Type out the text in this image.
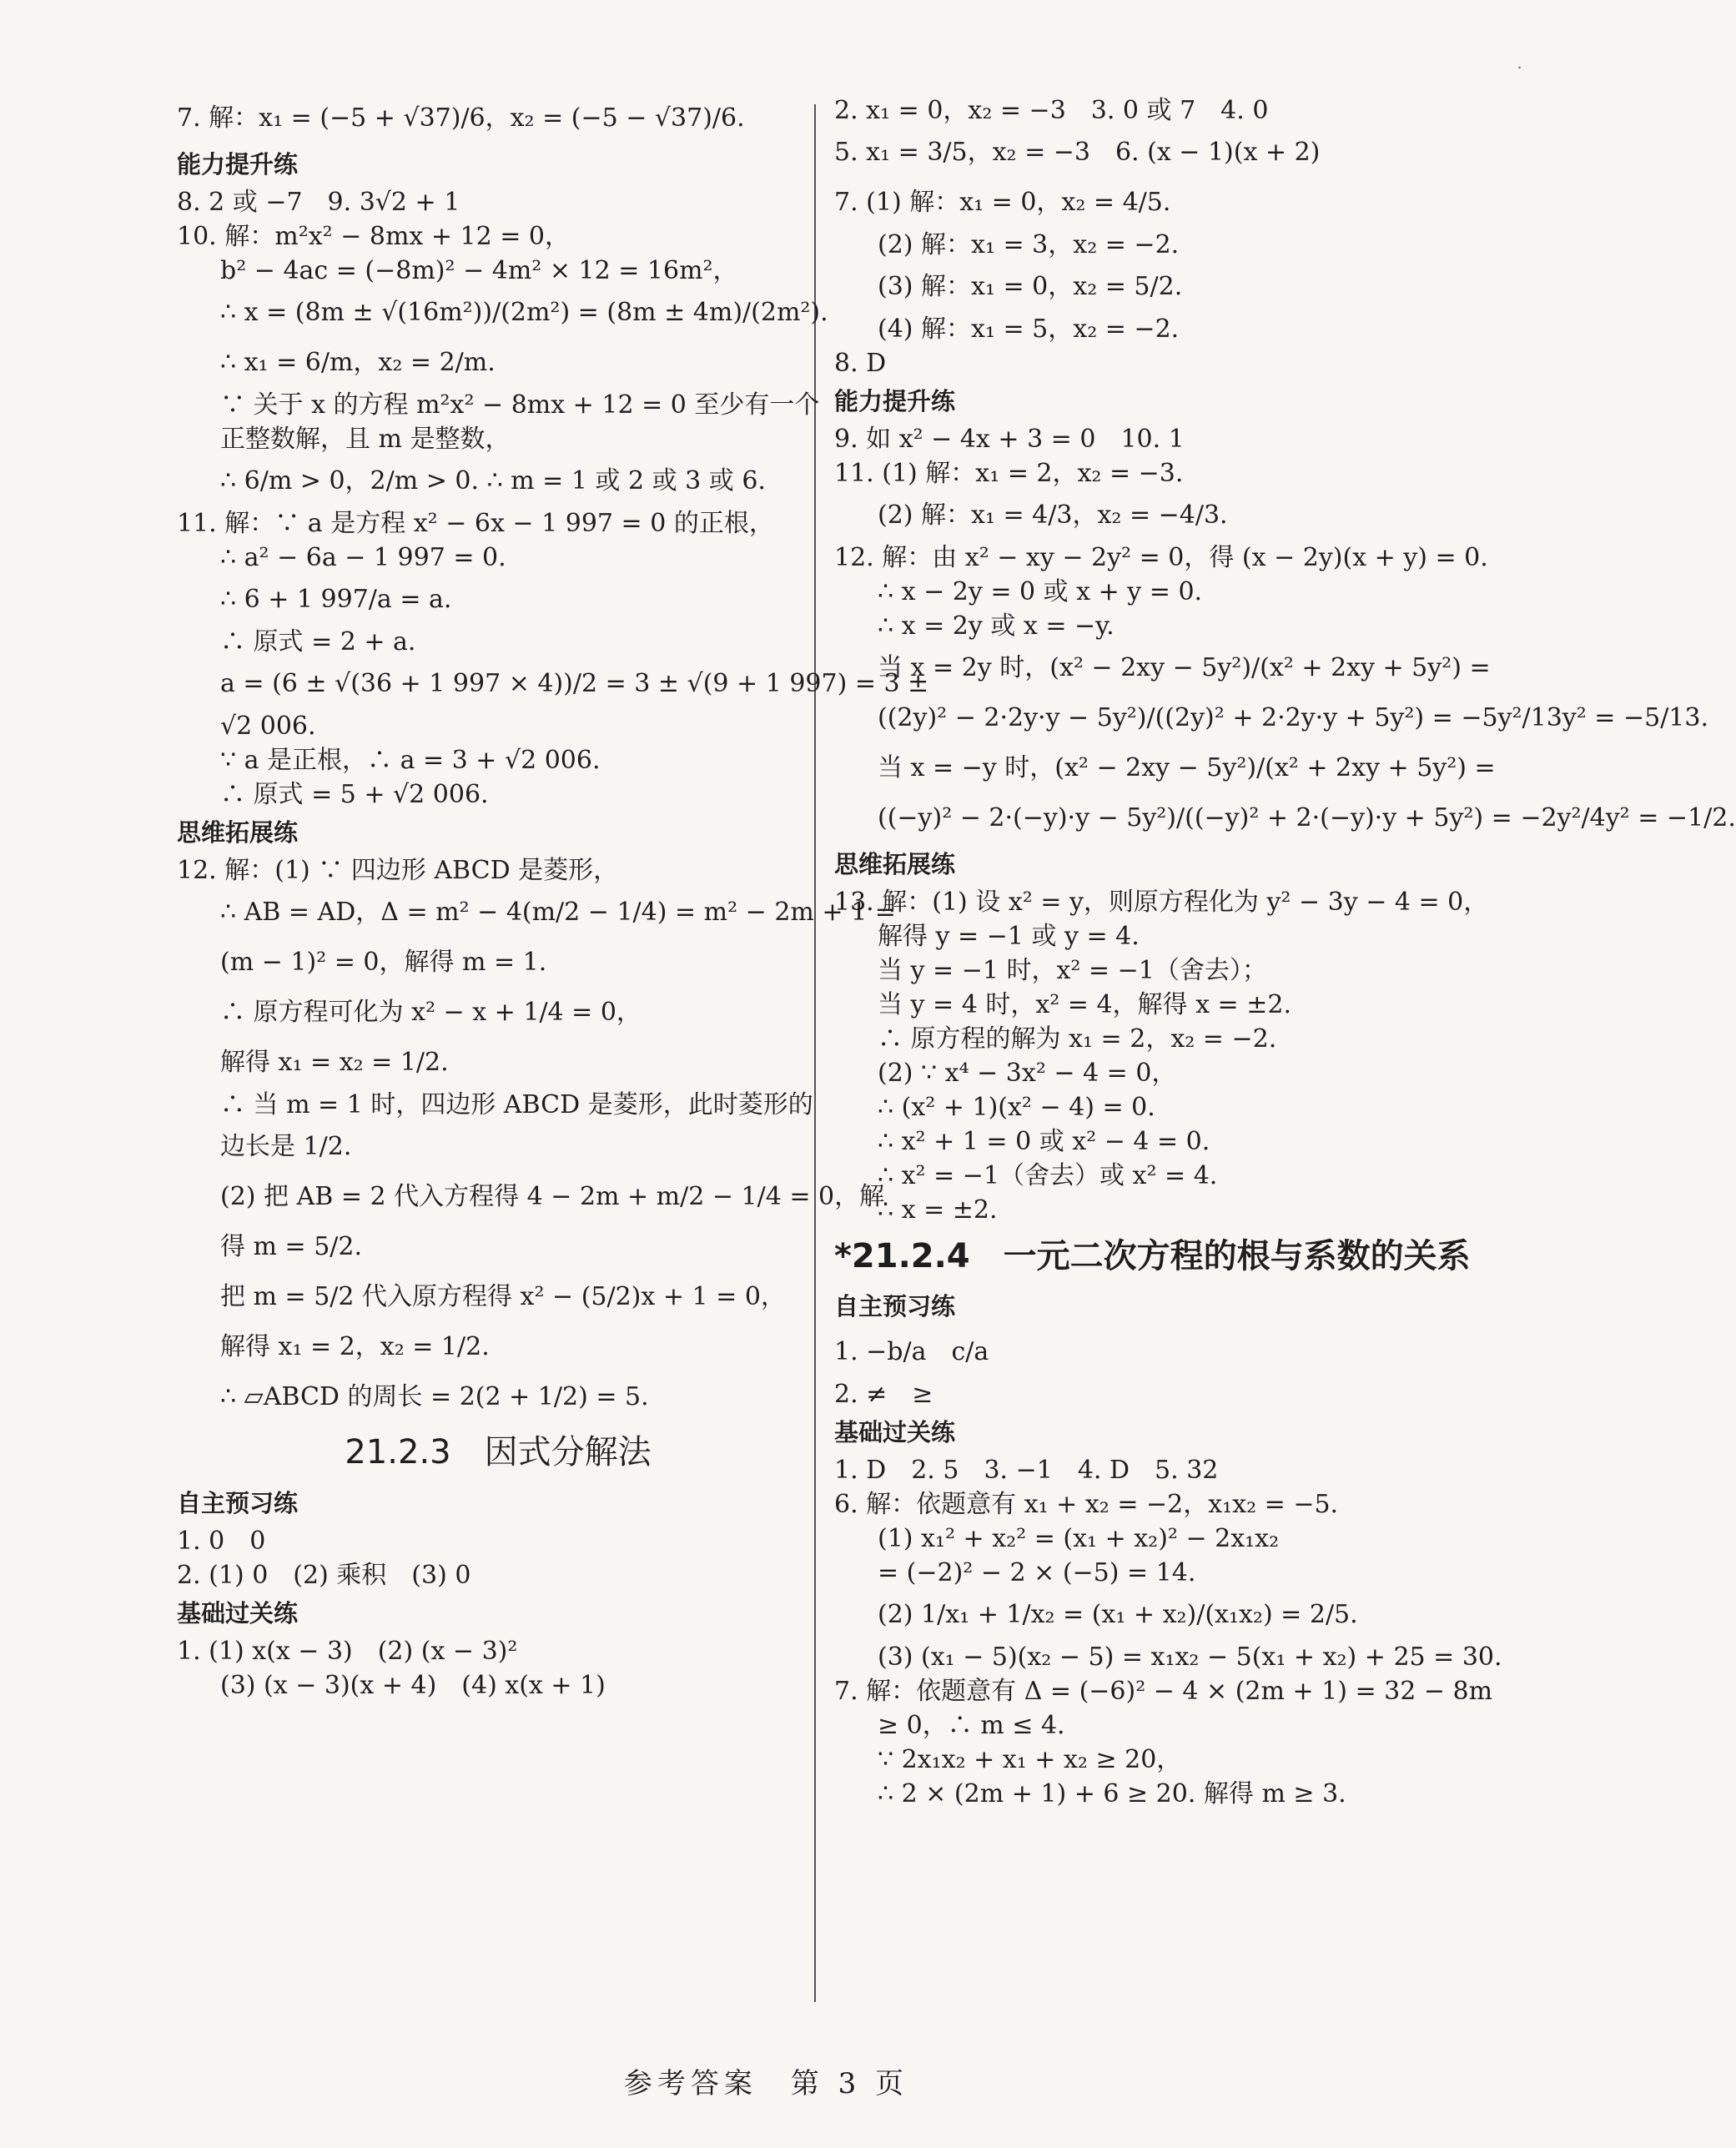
·
7. 解：x₁ = (−5 + √37)/6，x₂ = (−5 − √37)/6.
能力提升练
8. 2 或 −7　9. 3√2 + 1
10. 解：m²x² − 8mx + 12 = 0，
b² − 4ac = (−8m)² − 4m² × 12 = 16m²，
∴ x = (8m ± √(16m²))/(2m²) = (8m ± 4m)/(2m²).
∴ x₁ = 6/m，x₂ = 2/m.
∵ 关于 x 的方程 m²x² − 8mx + 12 = 0 至少有一个
正整数解，且 m 是整数，
∴ 6/m > 0，2/m > 0. ∴ m = 1 或 2 或 3 或 6.
11. 解：∵ a 是方程 x² − 6x − 1 997 = 0 的正根，
∴ a² − 6a − 1 997 = 0.
∴ 6 + 1 997/a = a.
∴ 原式 = 2 + a.
a = (6 ± √(36 + 1 997 × 4))/2 = 3 ± √(9 + 1 997) = 3 ±
√2 006.
∵ a 是正根，∴ a = 3 + √2 006.
∴ 原式 = 5 + √2 006.
思维拓展练
12. 解：(1) ∵ 四边形 ABCD 是菱形，
∴ AB = AD，Δ = m² − 4(m/2 − 1/4) = m² − 2m + 1 =
(m − 1)² = 0，解得 m = 1.
∴ 原方程可化为 x² − x + 1/4 = 0，
解得 x₁ = x₂ = 1/2.
∴ 当 m = 1 时，四边形 ABCD 是菱形，此时菱形的
边长是 1/2.
(2) 把 AB = 2 代入方程得 4 − 2m + m/2 − 1/4 = 0，解
得 m = 5/2.
把 m = 5/2 代入原方程得 x² − (5/2)x + 1 = 0，
解得 x₁ = 2，x₂ = 1/2.
∴ ▱ABCD 的周长 = 2(2 + 1/2) = 5.
21.2.3　因式分解法
自主预习练
1. 0　0
2. (1) 0　(2) 乘积　(3) 0
基础过关练
1. (1) x(x − 3)　(2) (x − 3)²
(3) (x − 3)(x + 4)　(4) x(x + 1)
2. x₁ = 0，x₂ = −3　3. 0 或 7　4. 0
5. x₁ = 3/5，x₂ = −3　6. (x − 1)(x + 2)
7. (1) 解：x₁ = 0，x₂ = 4/5.
(2) 解：x₁ = 3，x₂ = −2.
(3) 解：x₁ = 0，x₂ = 5/2.
(4) 解：x₁ = 5，x₂ = −2.
8. D
能力提升练
9. 如 x² − 4x + 3 = 0　10. 1
11. (1) 解：x₁ = 2，x₂ = −3.
(2) 解：x₁ = 4/3，x₂ = −4/3.
12. 解：由 x² − xy − 2y² = 0，得 (x − 2y)(x + y) = 0.
∴ x − 2y = 0 或 x + y = 0.
∴ x = 2y 或 x = −y.
当 x = 2y 时，(x² − 2xy − 5y²)/(x² + 2xy + 5y²) =
((2y)² − 2·2y·y − 5y²)/((2y)² + 2·2y·y + 5y²) = −5y²/13y² = −5/13.
当 x = −y 时，(x² − 2xy − 5y²)/(x² + 2xy + 5y²) =
((−y)² − 2·(−y)·y − 5y²)/((−y)² + 2·(−y)·y + 5y²) = −2y²/4y² = −1/2.
思维拓展练
13. 解：(1) 设 x² = y，则原方程化为 y² − 3y − 4 = 0，
解得 y = −1 或 y = 4.
当 y = −1 时，x² = −1（舍去）；
当 y = 4 时，x² = 4，解得 x = ±2.
∴ 原方程的解为 x₁ = 2，x₂ = −2.
(2) ∵ x⁴ − 3x² − 4 = 0，
∴ (x² + 1)(x² − 4) = 0.
∴ x² + 1 = 0 或 x² − 4 = 0.
∴ x² = −1（舍去）或 x² = 4.
∴ x = ±2.
*21.2.4　一元二次方程的根与系数的关系
自主预习练
1. −b/a　c/a
2. ≠　≥
基础过关练
1. D　2. 5　3. −1　4. D　5. 32
6. 解：依题意有 x₁ + x₂ = −2，x₁x₂ = −5.
(1) x₁² + x₂² = (x₁ + x₂)² − 2x₁x₂
= (−2)² − 2 × (−5) = 14.
(2) 1/x₁ + 1/x₂ = (x₁ + x₂)/(x₁x₂) = 2/5.
(3) (x₁ − 5)(x₂ − 5) = x₁x₂ − 5(x₁ + x₂) + 25 = 30.
7. 解：依题意有 Δ = (−6)² − 4 × (2m + 1) = 32 − 8m
≥ 0，∴ m ≤ 4.
∵ 2x₁x₂ + x₁ + x₂ ≥ 20，
∴ 2 × (2m + 1) + 6 ≥ 20. 解得 m ≥ 3.
参考答案　第 3 页
